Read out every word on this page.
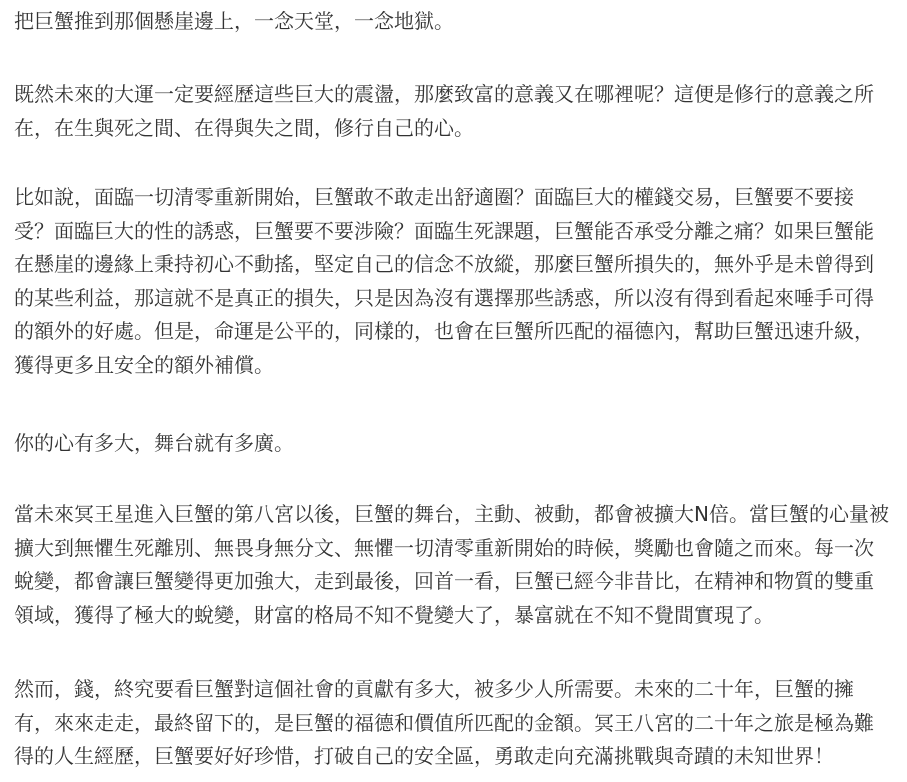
把巨蟹推到那個懸崖邊上，一念天堂，一念地獄。

既然未來的大運一定要經歷這些巨大的震盪，那麼致富的意義又在哪裡呢？這便是修行的意義之所
在，在生與死之間、在得與失之間，修行自己的心。

比如說，面臨一切清零重新開始，巨蟹敢不敢走出舒適圈？面臨巨大的權錢交易，巨蟹要不要接
受？面臨巨大的性的誘惑，巨蟹要不要涉險？面臨生死課題，巨蟹能否承受分離之痛？如果巨蟹能
在懸崖的邊緣上秉持初心不動搖，堅定自己的信念不放縱，那麼巨蟹所損失的，無外乎是未曾得到
的某些利益，那這就不是真正的損失，只是因為沒有選擇那些誘惑，所以沒有得到看起來唾手可得
的額外的好處。但是，命運是公平的，同樣的，也會在巨蟹所匹配的福德內，幫助巨蟹迅速升級，
獲得更多且安全的額外補償。

你的心有多大，舞台就有多廣。

當未來冥王星進入巨蟹的第八宮以後，巨蟹的舞台，主動、被動，都會被擴大N倍。當巨蟹的心量被
擴大到無懼生死離別、無畏身無分文、無懼一切清零重新開始的時候，獎勵也會隨之而來。每一次
蛻變，都會讓巨蟹變得更加強大，走到最後，回首一看，巨蟹已經今非昔比，在精神和物質的雙重
領域，獲得了極大的蛻變，財富的格局不知不覺變大了，暴富就在不知不覺間實現了。

然而，錢，終究要看巨蟹對這個社會的貢獻有多大，被多少人所需要。未來的二十年，巨蟹的擁
有，來來走走，最終留下的，是巨蟹的福德和價值所匹配的金額。冥王八宮的二十年之旅是極為難
得的人生經歷，巨蟹要好好珍惜，打破自己的安全區，勇敢走向充滿挑戰與奇蹟的未知世界！
